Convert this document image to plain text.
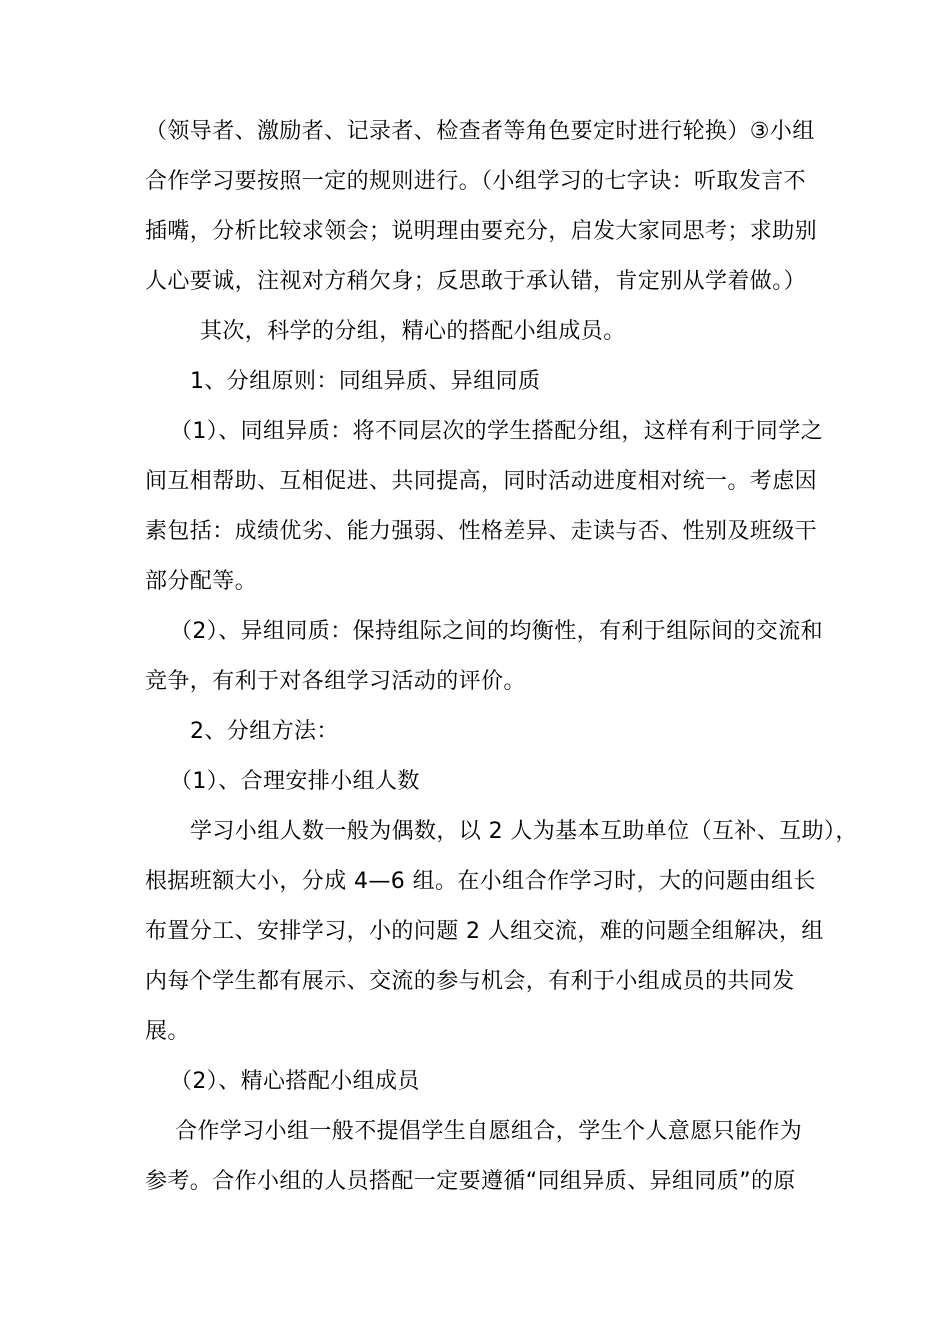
（领导者、激励者、记录者、检查者等角色要定时进行轮换）③小组
合作学习要按照一定的规则进行。（小组学习的七字诀：听取发言不
插嘴，分析比较求领会；说明理由要充分，启发大家同思考；求助别
人心要诚，注视对方稍欠身；反思敢于承认错，肯定别从学着做。）
其次，科学的分组，精心的搭配小组成员。
1、分组原则：同组异质、异组同质
（1）、同组异质：将不同层次的学生搭配分组，这样有利于同学之
间互相帮助、互相促进、共同提高，同时活动进度相对统一。考虑因
素包括：成绩优劣、能力强弱、性格差异、走读与否、性别及班级干
部分配等。
（2）、异组同质：保持组际之间的均衡性，有利于组际间的交流和
竞争，有利于对各组学习活动的评价。
2、分组方法：
（1）、合理安排小组人数
学习小组人数一般为偶数，以 2 人为基本互助单位（互补、互助），
根据班额大小，分成 4—6 组。在小组合作学习时，大的问题由组长
布置分工、安排学习，小的问题 2 人组交流，难的问题全组解决，组
内每个学生都有展示、交流的参与机会，有利于小组成员的共同发
展。
（2）、精心搭配小组成员
合作学习小组一般不提倡学生自愿组合，学生个人意愿只能作为
参考。合作小组的人员搭配一定要遵循“同组异质、异组同质”的原
